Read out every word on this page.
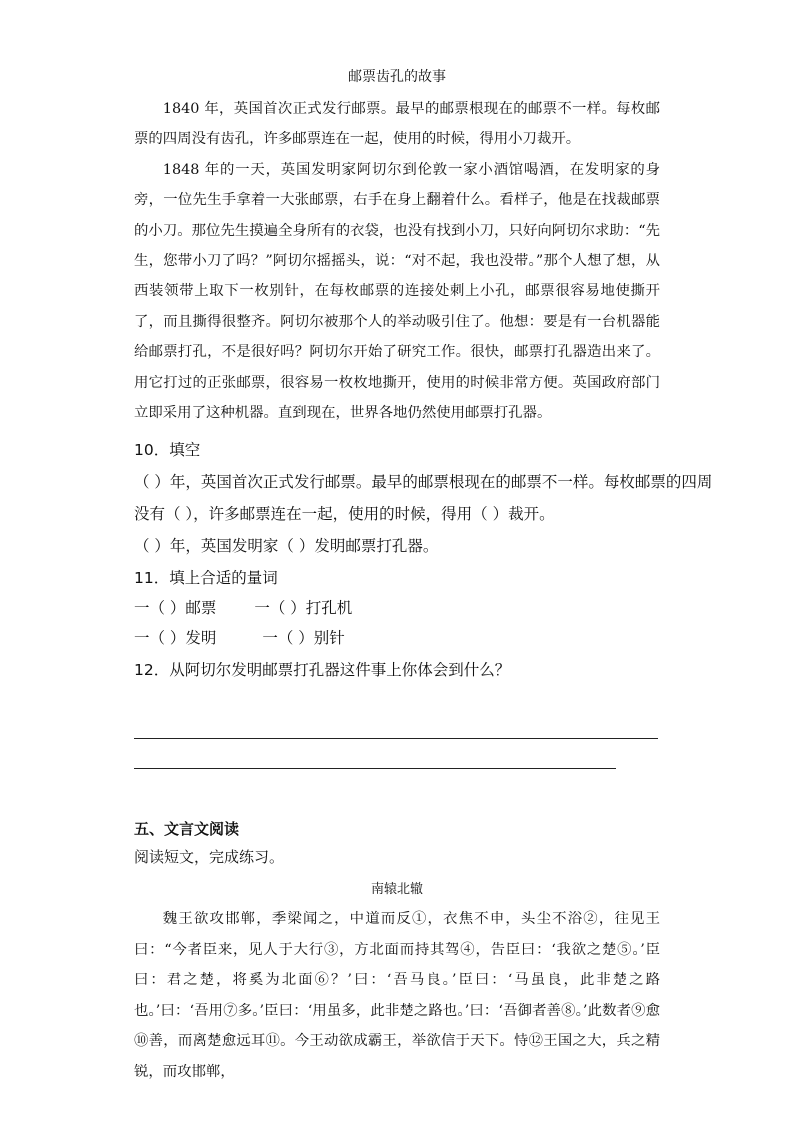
邮票齿孔的故事

1840 年，英国首次正式发行邮票。最早的邮票根现在的邮票不一样。每枚邮票的四周没有齿孔，许多邮票连在一起，使用的时候，得用小刀裁开。

1848 年的一天，英国发明家阿切尔到伦敦一家小酒馆喝酒，在发明家的身旁，一位先生手拿着一大张邮票，右手在身上翻着什么。看样子，他是在找裁邮票的小刀。那位先生摸遍全身所有的衣袋，也没有找到小刀，只好向阿切尔求助：“先生，您带小刀了吗？”阿切尔摇摇头，说：“对不起，我也没带。”那个人想了想，从西装领带上取下一枚别针，在每枚邮票的连接处刺上小孔，邮票很容易地使撕开了，而且撕得很整齐。阿切尔被那个人的举动吸引住了。他想：要是有一台机器能给邮票打孔，不是很好吗？阿切尔开始了研究工作。很快，邮票打孔器造出来了。用它打过的正张邮票，很容易一枚枚地撕开，使用的时候非常方便。英国政府部门立即采用了这种机器。直到现在，世界各地仍然使用邮票打孔器。

10．填空
（ ）年，英国首次正式发行邮票。最早的邮票根现在的邮票不一样。每枚邮票的四周
没有（ ），许多邮票连在一起，使用的时候，得用（ ）裁开。
（ ）年，英国发明家（ ）发明邮票打孔器。
11．填上合适的量词
一（ ）邮票 一（ ）打孔机
一（ ）发明	一（ ）别针
12．从阿切尔发明邮票打孔器这件事上你体会到什么？
五、文言文阅读
阅读短文，完成练习。
南辕北辙

魏王欲攻邯郸，季梁闻之，中道而反①，衣焦不申，头尘不浴②，往见王曰：“今者臣来，见人于大行③，方北面而持其驾④，告臣曰：‘我欲之楚⑤。’臣曰：君之楚，将奚为北面⑥？’曰：‘吾马良。’臣曰：‘马虽良，此非楚之路也。’曰：‘吾用⑦多。’臣曰：‘用虽多，此非楚之路也。’曰：‘吾御者善⑧。’此数者⑨愈⑩善，而离楚愈远耳⑪。今王动欲成霸王，举欲信于天下。恃⑫王国之大，兵之精锐，而攻邯郸，
